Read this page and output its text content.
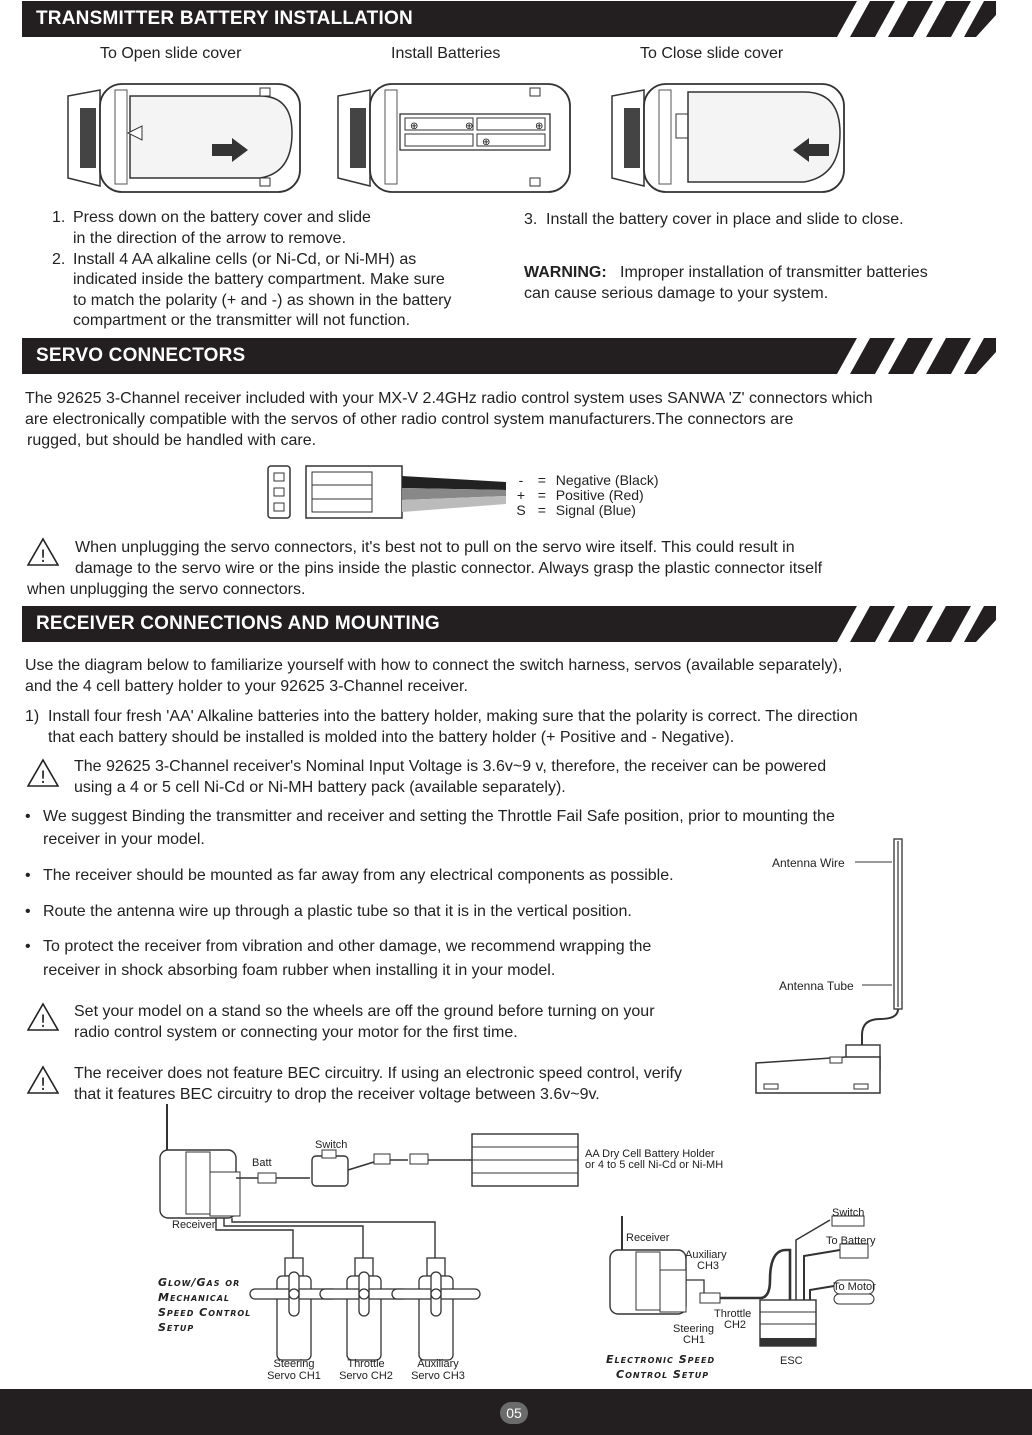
TRANSMITTER BATTERY INSTALLATION
To Open slide cover	Install Batteries	To Close slide cover
⊕	⊕
⊕
⊕
1. Press down on the battery cover and slide
in the direction of the arrow to remove.
2. Install 4 AA alkaline cells (or Ni-Cd, or Ni-MH) as
indicated inside the battery compartment. Make sure
to match the polarity (+ and -) as shown in the battery
compartment or the transmitter will not function.
3. Install the battery cover in place and slide to close.
WARNING: Improper installation of transmitter batteries
can cause serious damage to your system.
SERVO CONNECTORS
The 92625 3-Channel receiver included with your MX-V 2.4GHz radio control system uses SANWA 'Z' connectors which
are electronically compatible with the servos of other radio control system manufacturers.The connectors are
rugged, but should be handled with care.
- = Negative (Black)
+ = Positive (Red)
S = Signal (Blue)
! When unplugging the servo connectors, it's best not to pull on the servo wire itself. This could result in
damage to the servo wire or the pins inside the plastic connector. Always grasp the plastic connector itself
when unplugging the servo connectors.
RECEIVER CONNECTIONS AND MOUNTING
Use the diagram below to familiarize yourself with how to connect the switch harness, servos (available separately),
and the 4 cell battery holder to your 92625 3-Channel receiver.
1) Install four fresh 'AA' Alkaline batteries into the battery holder, making sure that the polarity is correct. The direction
that each battery should be installed is molded into the battery holder (+ Positive and - Negative).
!
The 92625 3-Channel receiver's Nominal Input Voltage is 3.6v~9 v, therefore, the receiver can be powered
using a 4 or 5 cell Ni-Cd or Ni-MH battery pack (available separately).
• We suggest Binding the transmitter and receiver and setting the Throttle Fail Safe position, prior to mounting the
receiver in your model.
• The receiver should be mounted as far away from any electrical components as possible.
• Route the antenna wire up through a plastic tube so that it is in the vertical position.
• To protect the receiver from vibration and other damage, we recommend wrapping the
receiver in shock absorbing foam rubber when installing it in your model.
!
Set your model on a stand so the wheels are off the ground before turning on your
radio control system or connecting your motor for the first time.
!
The receiver does not feature BEC circuitry. If using an electronic speed control, verify
that it features BEC circuitry to drop the receiver voltage between 3.6v~9v.
Antenna Wire
Antenna Tube
Switch
Batt
Receiver
AA Dry Cell Battery Holder
or 4 to 5 cell Ni-Cd or Ni-MH
Glow/Gas or
Mechanical
Speed Control
Setup
Steering
Servo CH1
Throttle
Servo CH2
Auxiliary
Servo CH3
Receiver
Auxiliary
CH3
Switch
To Battery
To Motor
Throttle
CH2
Steering
CH1
ESC
Electronic Speed
Control Setup
05
